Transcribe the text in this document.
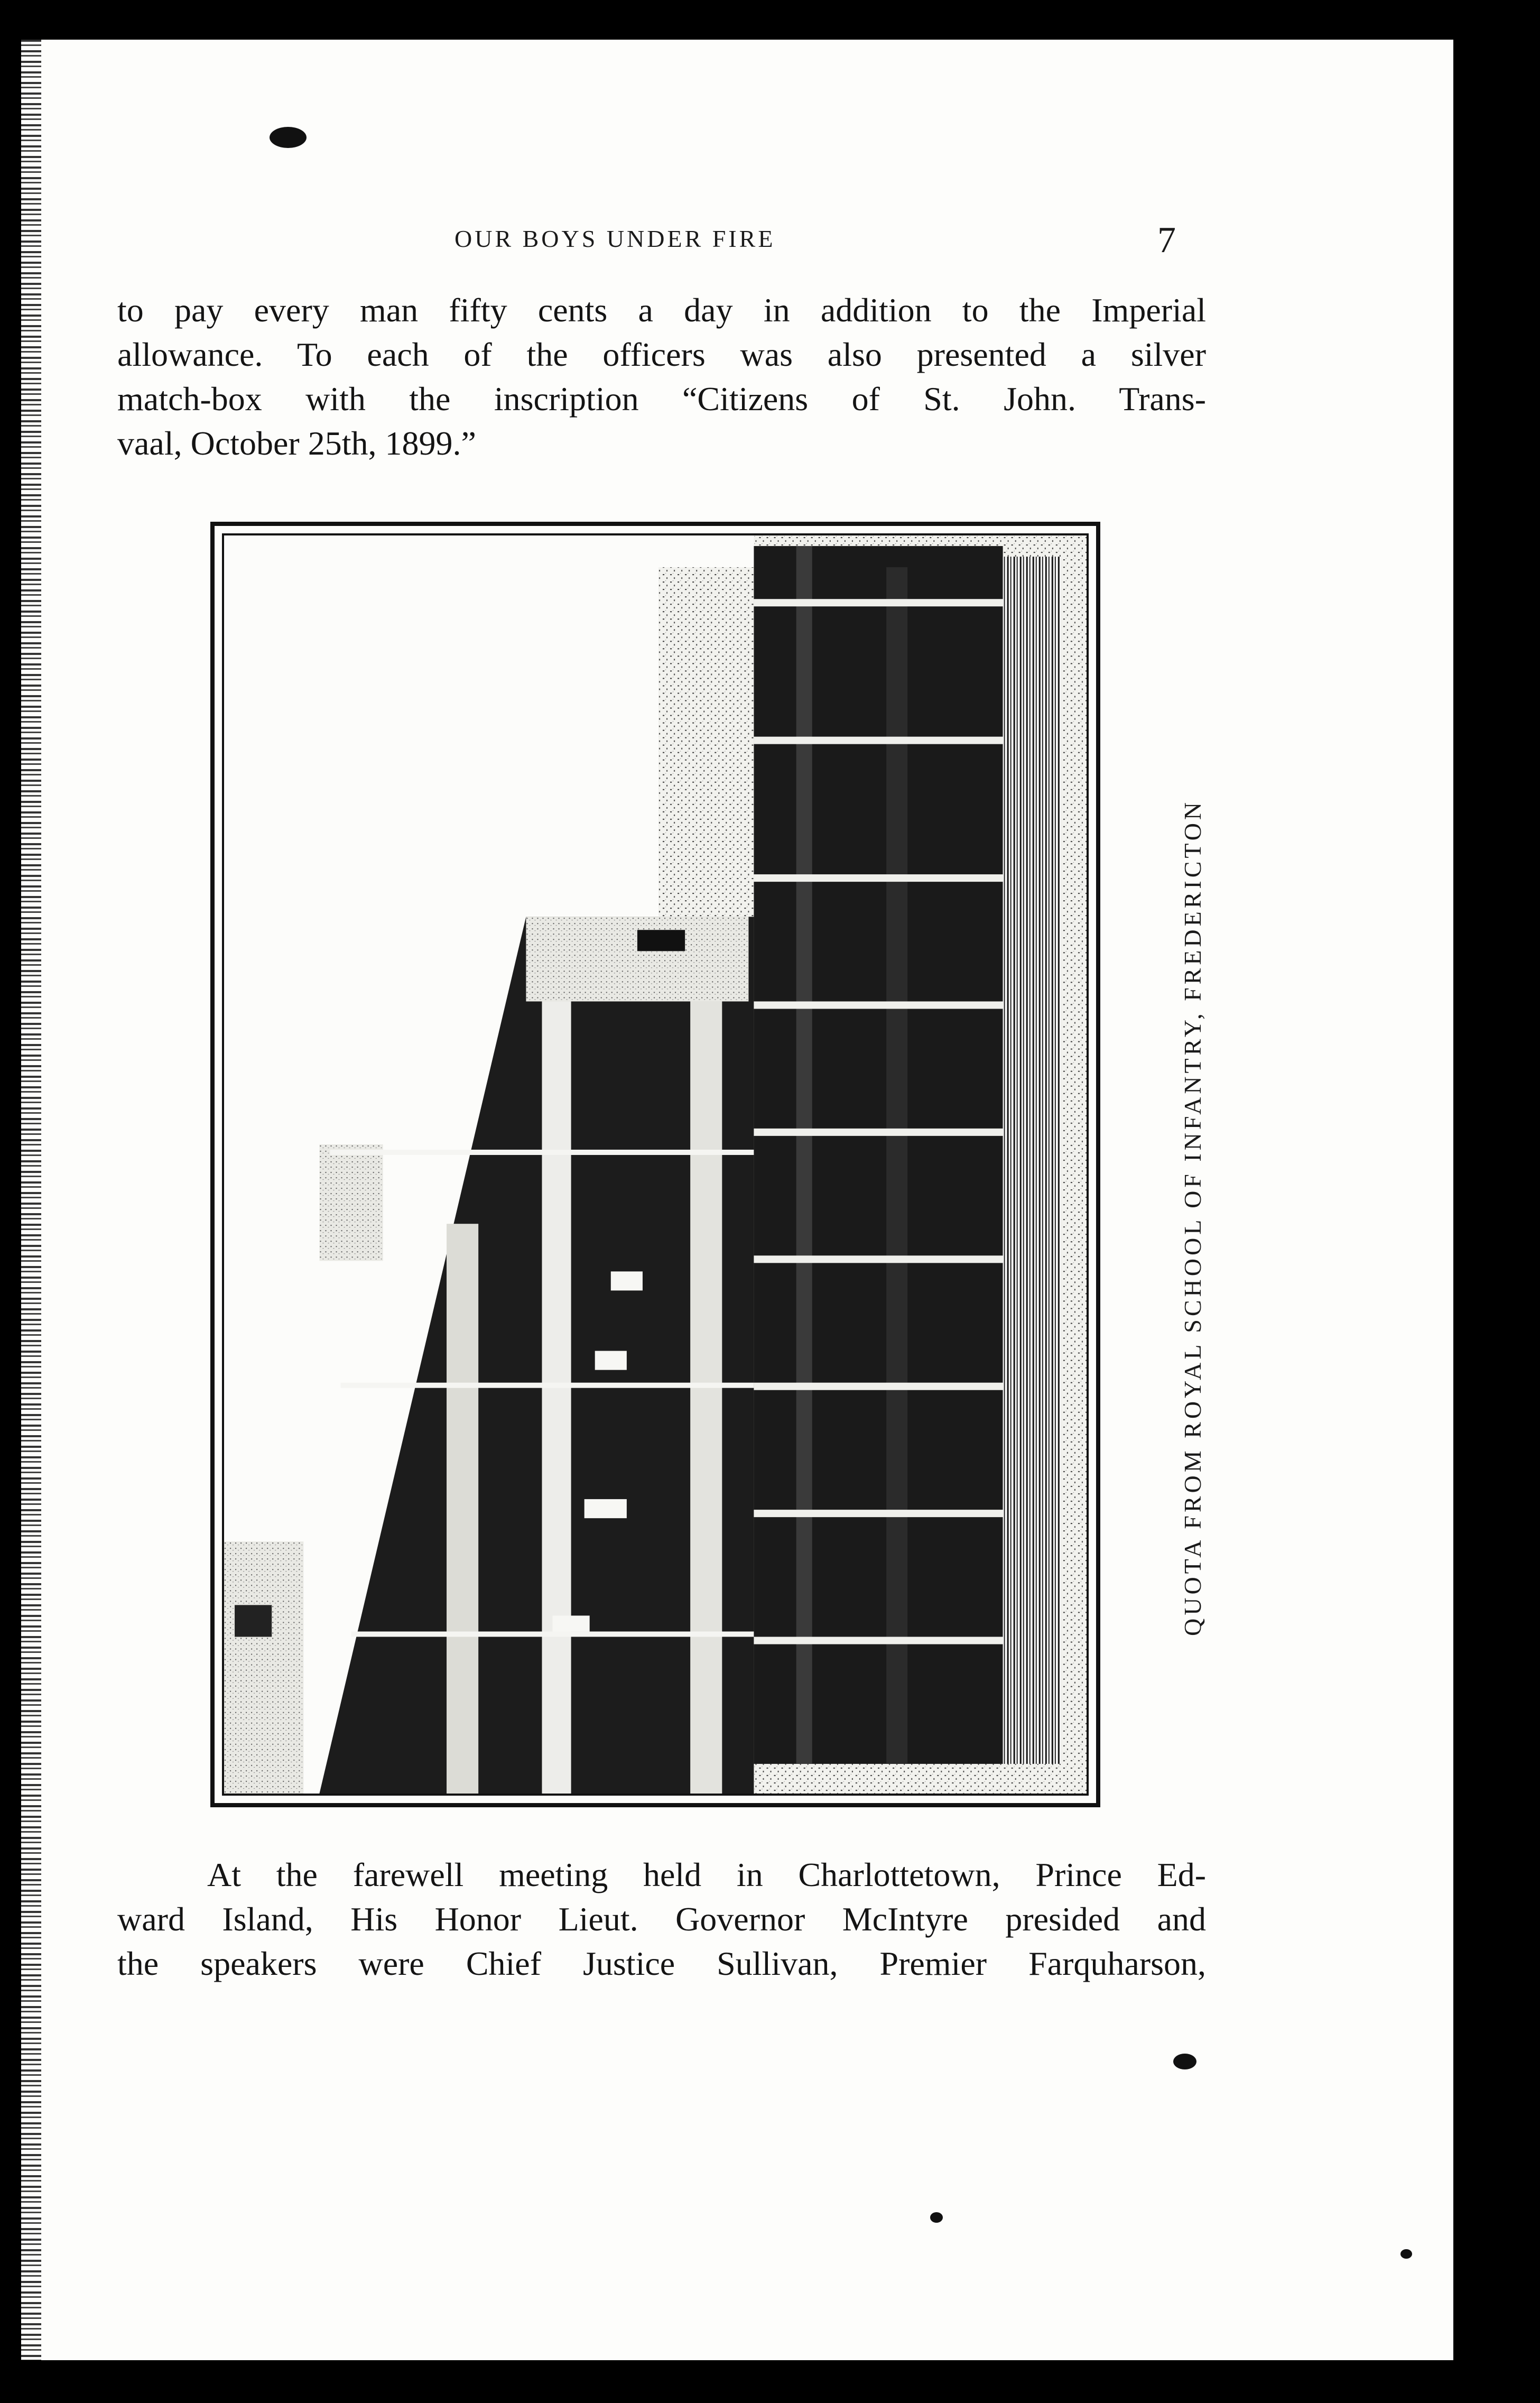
OUR BOYS UNDER FIRE	7

to pay every man fifty cents a day in addition to the Imperial
allowance. To each of the officers was also presented a silver
match-box with the inscription “Citizens of St. John. Trans-
vaal, October 25th, 1899.”

QUOTA FROM ROYAL SCHOOL OF INFANTRY, FREDERICTON

At the farewell meeting held in Charlottetown, Prince Ed-
ward Island, His Honor Lieut. Governor McIntyre presided and
the speakers were Chief Justice Sullivan, Premier Farquharson,
